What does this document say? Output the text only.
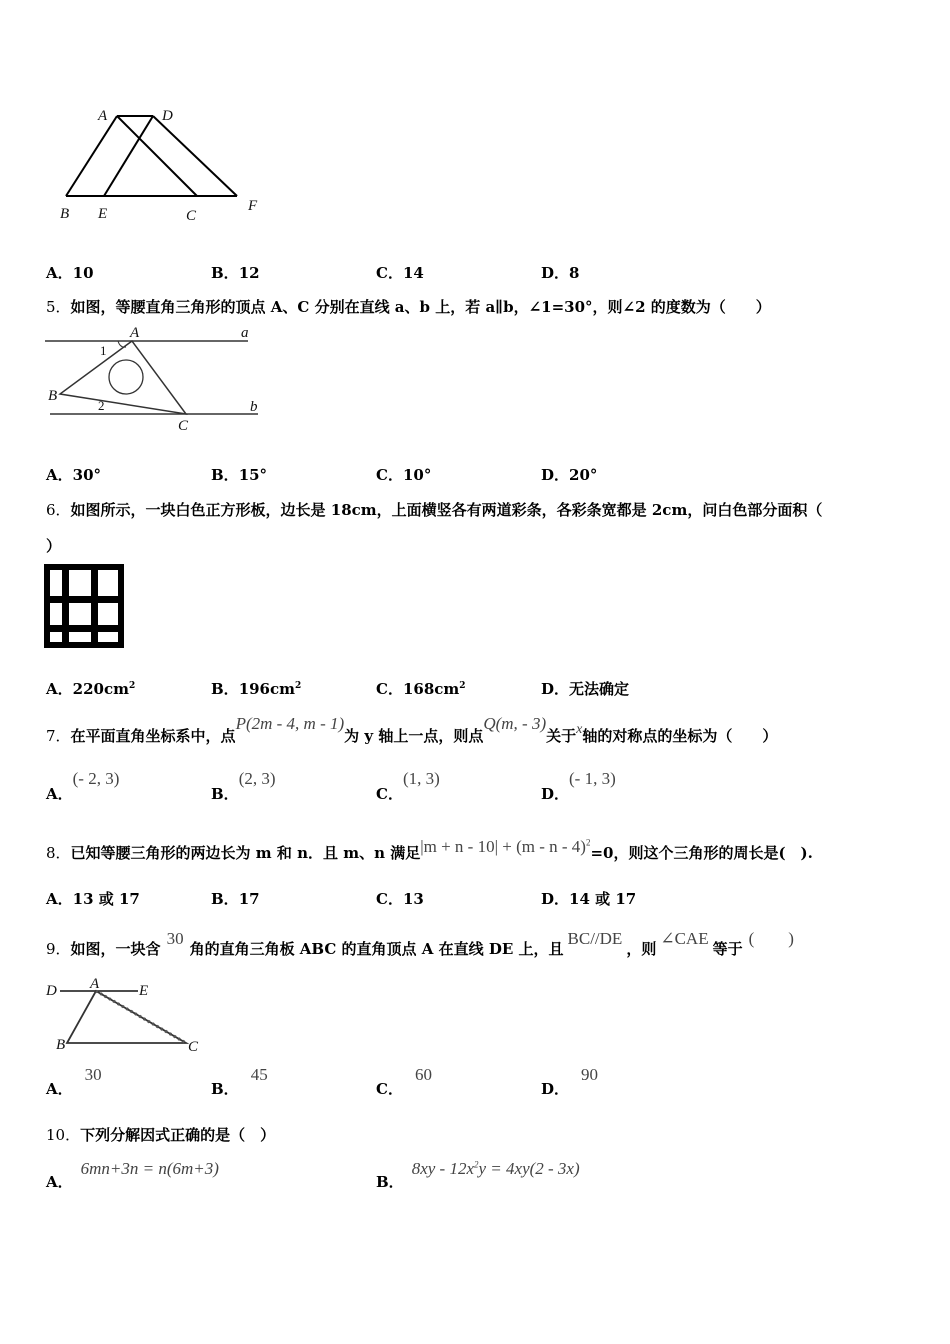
A	D
B E	C
F
A．10	B．12	C．14	D．8
5．如图，等腰直角三角形的顶点 A、C 分别在直线 a、b 上，若 a∥b，∠1=30°，则∠2 的度数为（　　）
A	a
1
B
2	b
C
A．30°	B．15°	C．10°	D．20°
6．如图所示，一块白色正方形板，边长是 18cm，上面横竖各有两道彩条，各彩条宽都是 2cm，问白色部分面积（
）
A．$220cm^2$	B．$196cm^2$	C．$168cm^2$	D．无法确定
7．在平面直角坐标系中，点P(2m - 4, m - 1)为 y 轴上一点，则点Q(m, - 3)关于x轴的对称点的坐标为（　　）
A．(- 2, 3)
B．(2, 3)
C．(1, 3)
D．(- 1, 3)
8．已知等腰三角形的两边长为 m 和 n．且 m、n 满足|m + n - 10| + (m - n - 4)$^2$=0，则这个三角形的周长是(　).
A．13 或 17	B．17	C．13	D．14 或 17
9．如图，一块含30角的直角三角板 ABC 的直角顶点 A 在直线 DE 上，且BC//DE，则∠CAE等于(　　)
D A	E
B	C
A．30
B．45
C．60
D．90
10．下列分解因式正确的是（　）
A．6mn+3n = n(6m+3)
B．$8xy - 12x^2y = 4xy(2 - 3x)$
